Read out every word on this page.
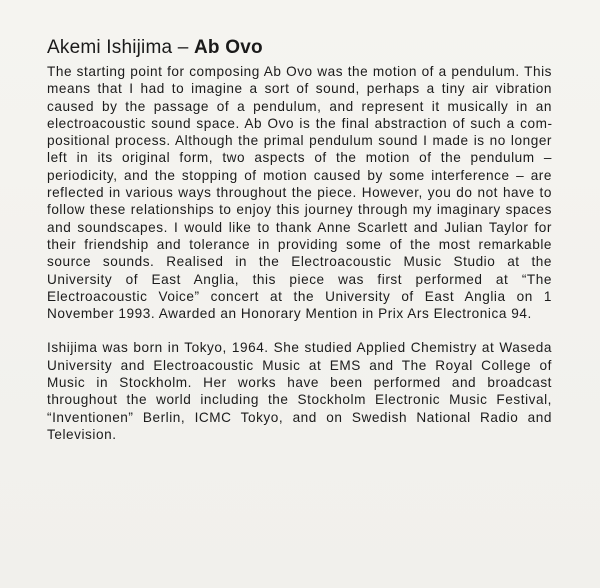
Akemi Ishijima – Ab Ovo

The starting point for composing Ab Ovo was the motion of a pendulum. This means that I had to imagine a sort of sound, perhaps a tiny air vibration caused by the passage of a pendulum, and represent it musically in an electroacoustic sound space. Ab Ovo is the final abstraction of such a compositional process. Although the primal pendulum sound I made is no longer left in its original form, two aspects of the motion of the pendulum – periodicity, and the stopping of motion caused by some interference – are reflected in various ways throughout the piece. However, you do not have to follow these relationships to enjoy this journey through my imaginary spaces and soundscapes. I would like to thank Anne Scarlett and Julian Taylor for their friendship and tolerance in providing some of the most remarkable source sounds. Realised in the Electroacoustic Music Studio at the University of East Anglia, this piece was first performed at “The Electroacoustic Voice” concert at the University of East Anglia on 1 November 1993. Awarded an Honorary Mention in Prix Ars Electronica 94.

Ishijima was born in Tokyo, 1964. She studied Applied Chemistry at Waseda University and Electroacoustic Music at EMS and The Royal College of Music in Stockholm. Her works have been performed and broadcast throughout the world including the Stockholm Electronic Music Festival, “Inventionen” Berlin, ICMC Tokyo, and on Swedish National Radio and Television.
